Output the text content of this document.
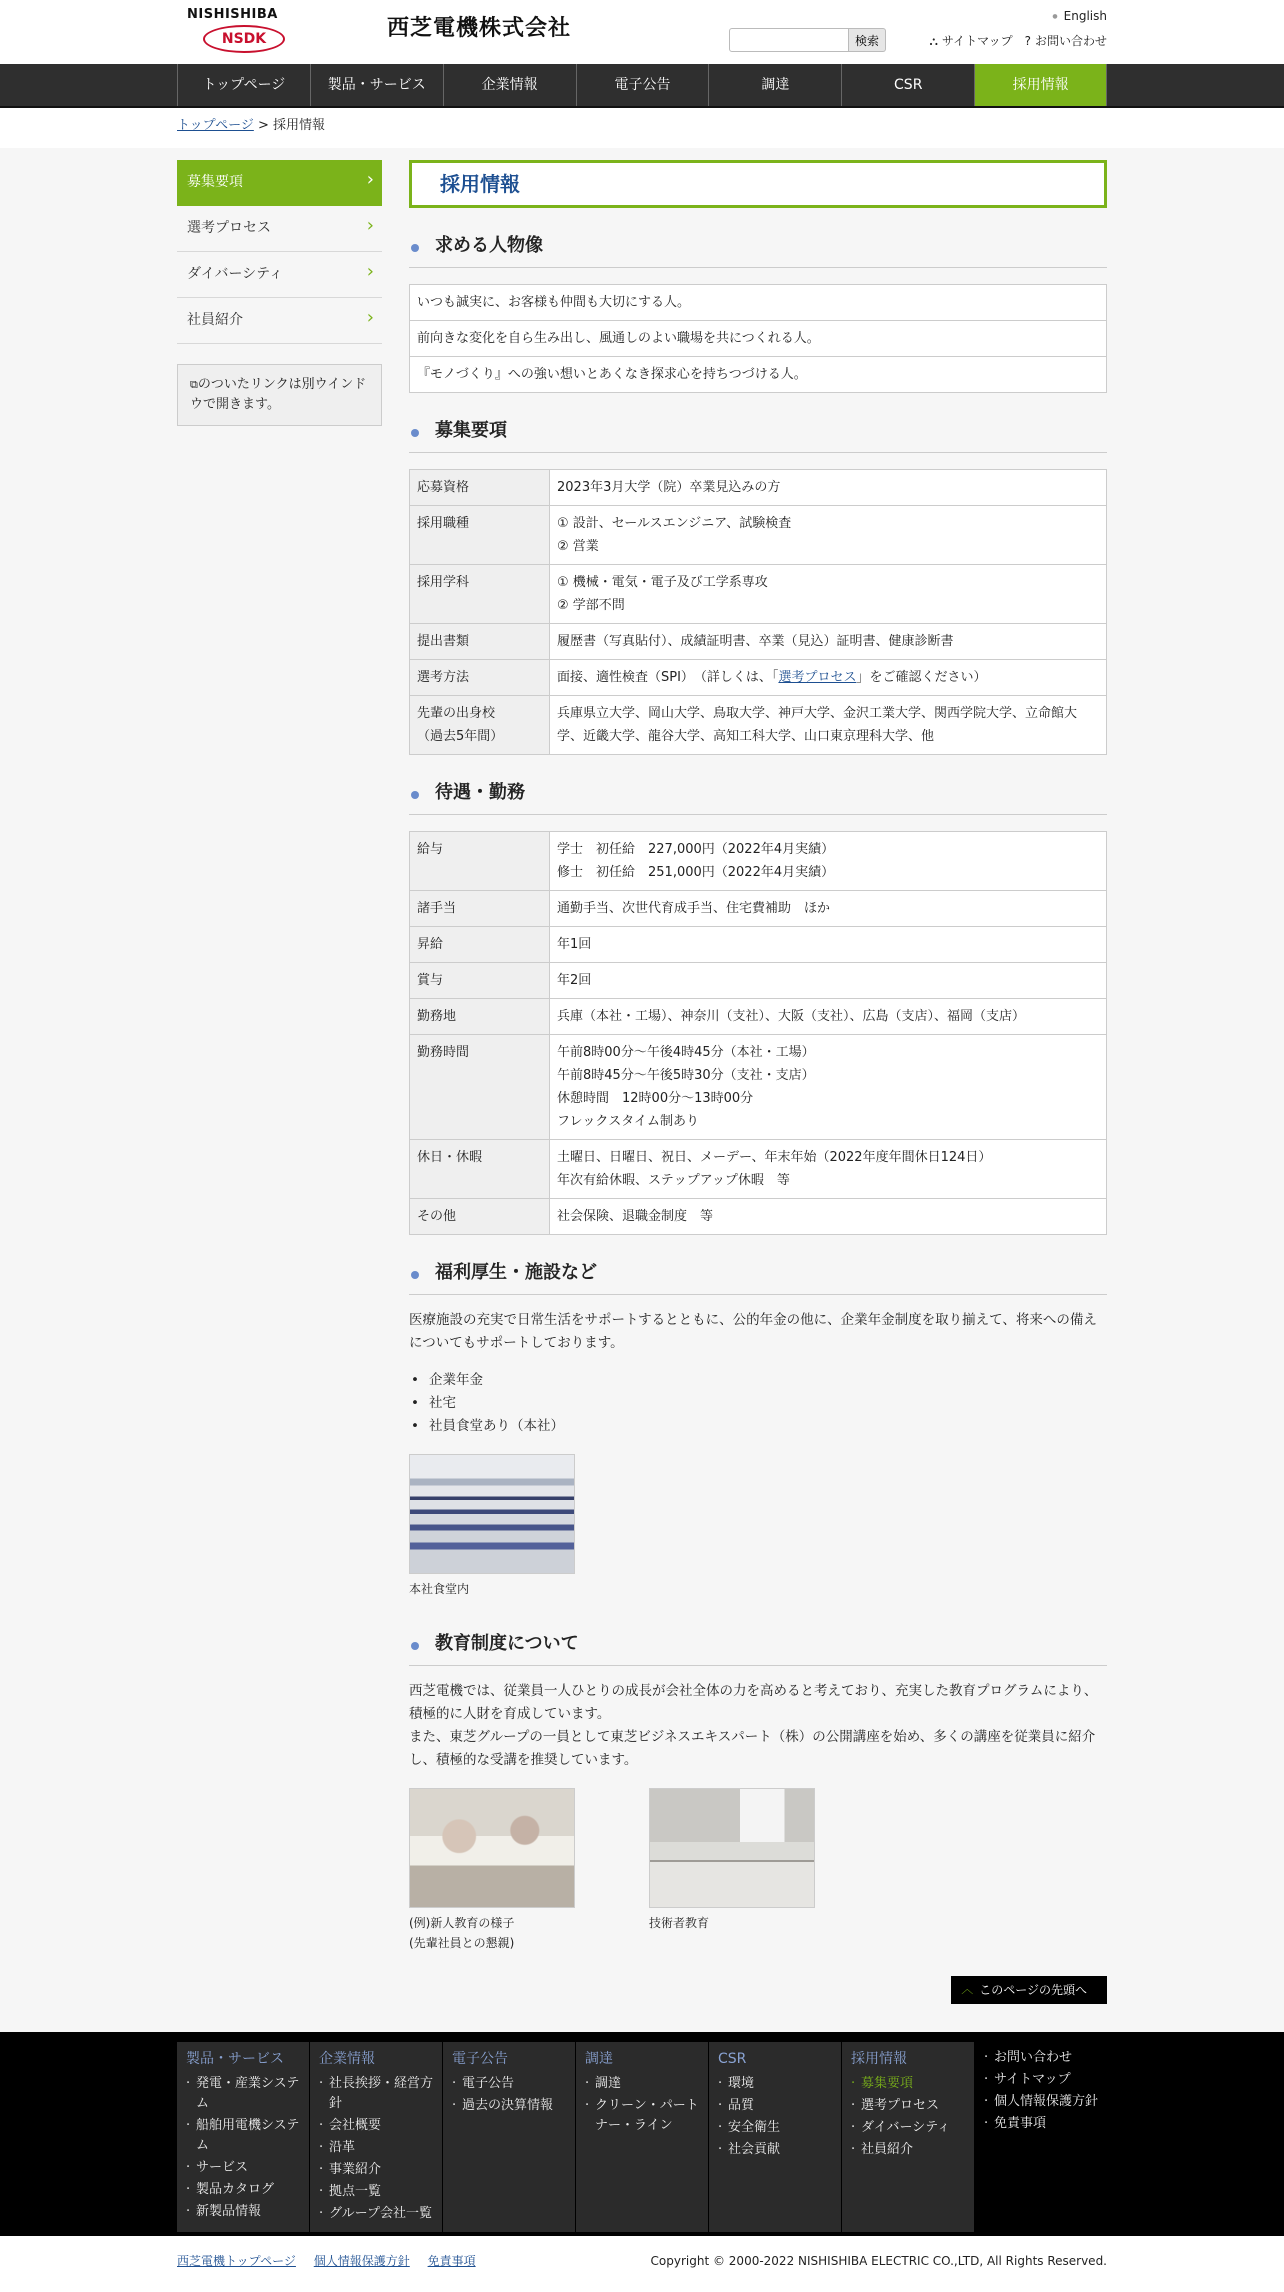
NISHISHIBA
NSDK	西芝電機株式会社	● English
検索	⛬ サイトマップ ? お問い合わせ
トップページ	製品・サービス	企業情報	電子公告	調達	CSR	採用情報
トップページ > 採用情報
募集要項 ›
選考プロセス ›
ダイバーシティ ›
社員紹介 ›
⧉のついたリンクは別ウインドウで開きます。
採用情報
求める人物像
いつも誠実に、お客様も仲間も大切にする人。
前向きな変化を自ら生み出し、風通しのよい職場を共につくれる人。
『モノづくり』への強い想いとあくなき探求心を持ちつづける人。
募集要項
応募資格	2023年3月大学（院）卒業見込みの方
採用職種	① 設計、セールスエンジニア、試験検査
② 営業

採用学科	① 機械・電気・電子及び工学系専攻
② 学部不問

提出書類	履歴書（写真貼付）、成績証明書、卒業（見込）証明書、健康診断書
選考方法	面接、適性検査（SPI）　（詳しくは、「選考プロセス」をご確認ください）

先輩の出身校
（過去5年間）	兵庫県立大学、岡山大学、鳥取大学、神戸大学、金沢工業大学、関西学院大学、立命館大学、近畿大学、龍谷大学、高知工科大学、山口東京理科大学、他
待遇・勤務
給与	学士　初任給　227,000円（2022年4月実績）
修士　初任給　251,000円（2022年4月実績）

諸手当	通勤手当、次世代育成手当、住宅費補助　ほか
昇給	年1回
賞与	年2回
勤務地	兵庫（本社・工場）、神奈川（支社）、大阪（支社）、広島（支店）、福岡（支店）
勤務時間	午前8時00分～午後4時45分（本社・工場）
午前8時45分～午後5時30分（支社・支店）
休憩時間　12時00分～13時00分
フレックスタイム制あり

休日・休暇	土曜日、日曜日、祝日、メーデー、年末年始（2022年度年間休日124日）
年次有給休暇、ステップアップ休暇　等

その他	社会保険、退職金制度　等
福利厚生・施設など

医療施設の充実で日常生活をサポートするとともに、公的年金の他に、企業年金制度を取り揃えて、将来への備えについてもサポートしております。

• 企業年金
• 社宅
• 社員食堂あり（本社）
本社食堂内
教育制度について

西芝電機では、従業員一人ひとりの成長が会社全体の力を高めると考えており、充実した教育プログラムにより、積極的に人財を育成しています。
また、東芝グループの一員として東芝ビジネスエキスパート（株）の公開講座を始め、多くの講座を従業員に紹介し、積極的な受講を推奨しています。

(例)新人教育の様子
(先輩社員との懇親)
技術者教育
︿ このページの先頭へ
製品・サービス
· 発電・産業システム
· 船舶用電機システム
· サービス
· 製品カタログ
· 新製品情報
企業情報
· 社長挨拶・経営方針
· 会社概要
· 沿革
· 事業紹介
· 拠点一覧
· グループ会社一覧
電子公告
· 電子公告
· 過去の決算情報
調達
· 調達
· クリーン・パートナー・ライン
CSR
· 環境
· 品質
· 安全衛生
· 社会貢献
採用情報
· 募集要項
· 選考プロセス
· ダイバーシティ
· 社員紹介
· お問い合わせ
· サイトマップ
· 個人情報保護方針
· 免責事項
西芝電機トップページ 個人情報保護方針 免責事項	Copyright © 2000-2022 NISHISHIBA ELECTRIC CO.,LTD, All Rights Reserved.
